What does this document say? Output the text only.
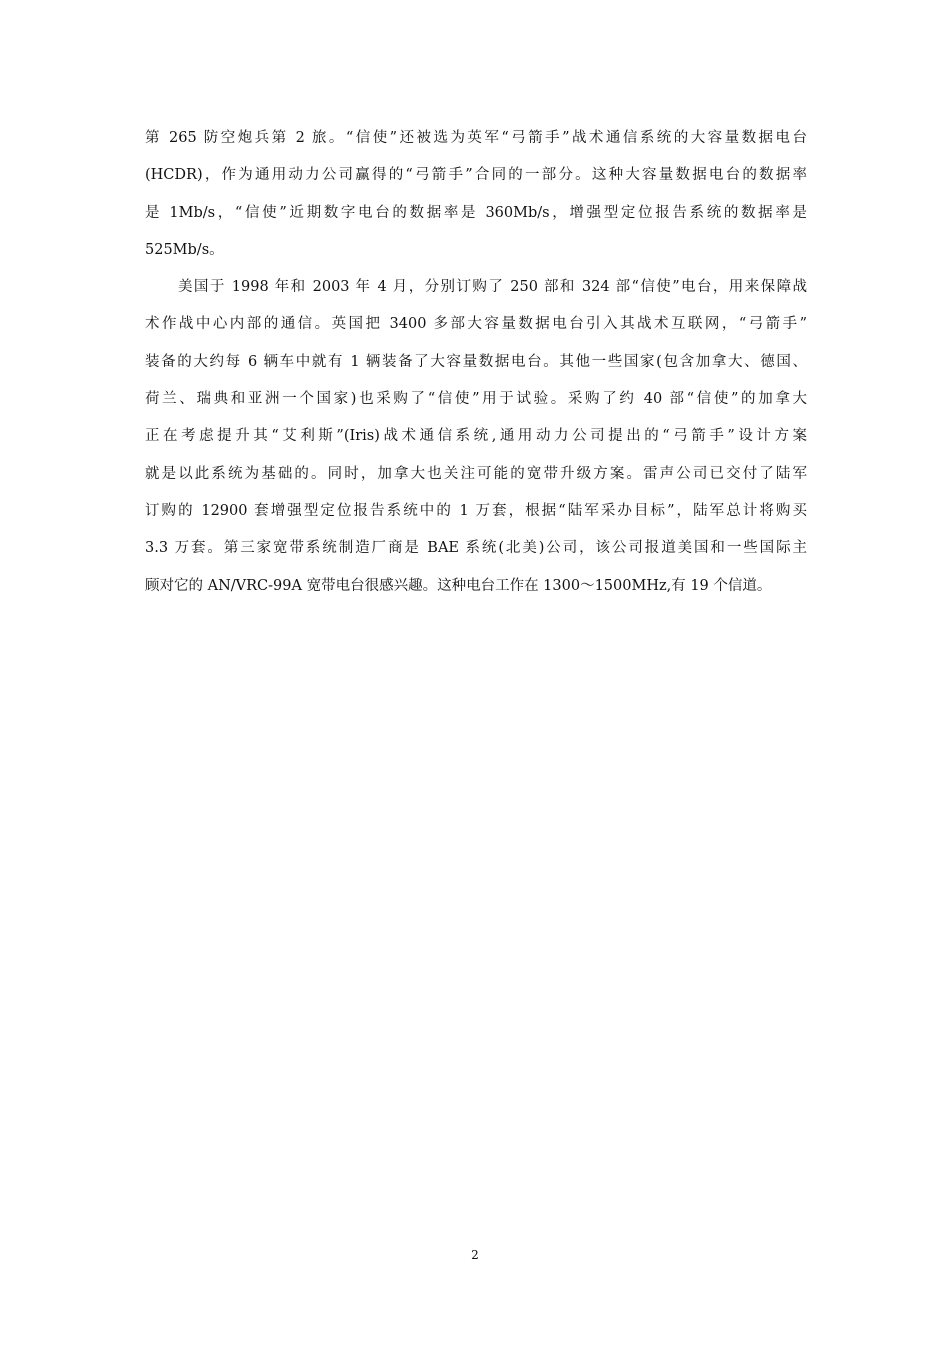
第 265 防空炮兵第 2 旅。“信使”还被选为英军“弓箭手”战术通信系统的大容量数据电台
(HCDR)，作为通用动力公司赢得的“弓箭手”合同的一部分。这种大容量数据电台的数据率
是 1Mb/s，“信使”近期数字电台的数据率是 360Mb/s，增强型定位报告系统的数据率是
525Mb/s。
美国于 1998 年和 2003 年 4 月，分别订购了 250 部和 324 部“信使”电台，用来保障战
术作战中心内部的通信。英国把 3400 多部大容量数据电台引入其战术互联网，“弓箭手”
装备的大约每 6 辆车中就有 1 辆装备了大容量数据电台。其他一些国家(包含加拿大、德国、
荷兰、瑞典和亚洲一个国家)也采购了“信使”用于试验。采购了约 40 部“信使”的加拿大
正在考虑提升其“艾利斯”(Iris)战术通信系统,通用动力公司提出的“弓箭手”设计方案
就是以此系统为基础的。同时，加拿大也关注可能的宽带升级方案。雷声公司已交付了陆军
订购的 12900 套增强型定位报告系统中的 1 万套，根据“陆军采办目标”，陆军总计将购买
3.3 万套。第三家宽带系统制造厂商是 BAE 系统(北美)公司，该公司报道美国和一些国际主
顾对它的 AN/VRC-99A 宽带电台很感兴趣。这种电台工作在 1300～1500MHz,有 19 个信道。
2
